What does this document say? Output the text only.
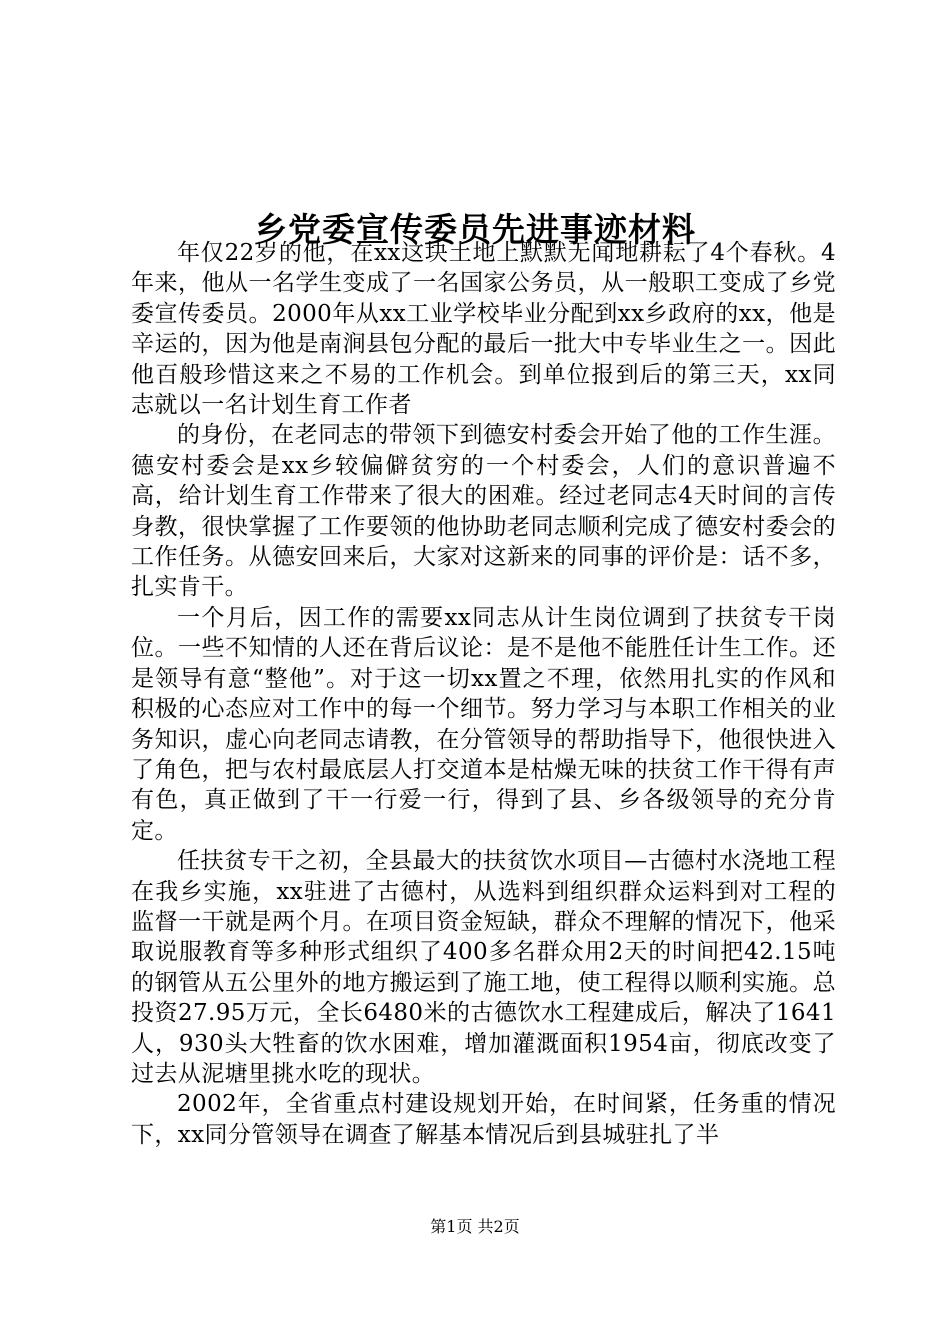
乡党委宣传委员先进事迹材料

年仅22岁的他，在xx这块土地上默默无闻地耕耘了4个春秋。4年来，他从一名学生变成了一名国家公务员，从一般职工变成了乡党委宣传委员。2000年从xx工业学校毕业分配到xx乡政府的xx，他是辛运的，因为他是南涧县包分配的最后一批大中专毕业生之一。因此他百般珍惜这来之不易的工作机会。到单位报到后的第三天，xx同志就以一名计划生育工作者

的身份，在老同志的带领下到德安村委会开始了他的工作生涯。德安村委会是xx乡较偏僻贫穷的一个村委会，人们的意识普遍不高，给计划生育工作带来了很大的困难。经过老同志4天时间的言传身教，很快掌握了工作要领的他协助老同志顺利完成了德安村委会的工作任务。从德安回来后，大家对这新来的同事的评价是：话不多，扎实肯干。

一个月后，因工作的需要xx同志从计生岗位调到了扶贫专干岗位。一些不知情的人还在背后议论：是不是他不能胜任计生工作。还是领导有意“整他”。对于这一切xx置之不理，依然用扎实的作风和积极的心态应对工作中的每一个细节。努力学习与本职工作相关的业务知识，虚心向老同志请教，在分管领导的帮助指导下，他很快进入了角色，把与农村最底层人打交道本是枯燥无味的扶贫工作干得有声有色，真正做到了干一行爱一行，得到了县、乡各级领导的充分肯定。

任扶贫专干之初，全县最大的扶贫饮水项目—古德村水浇地工程在我乡实施，xx驻进了古德村，从选料到组织群众运料到对工程的监督一干就是两个月。在项目资金短缺，群众不理解的情况下，他采取说服教育等多种形式组织了400多名群众用2天的时间把42.15吨的钢管从五公里外的地方搬运到了施工地，使工程得以顺利实施。总投资27.95万元，全长6480米的古德饮水工程建成后，解决了1641人，930头大牲畜的饮水困难，增加灌溉面积1954亩，彻底改变了过去从泥塘里挑水吃的现状。

2002年，全省重点村建设规划开始，在时间紧，任务重的情况下，xx同分管领导在调查了解基本情况后到县城驻扎了半

第1页 共2页
